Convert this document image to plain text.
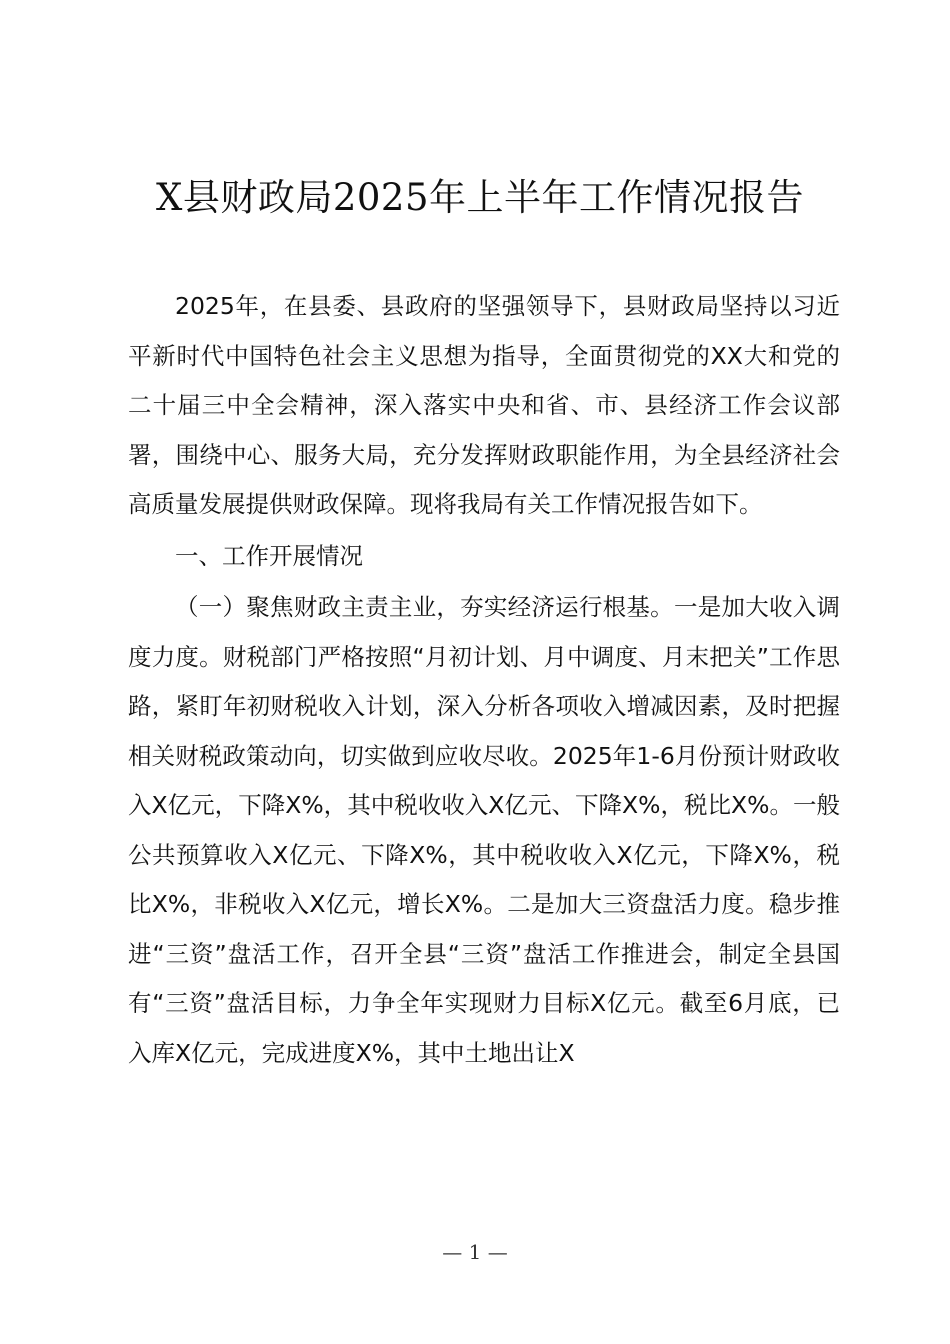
X县财政局2025年上半年工作情况报告

2025年，在县委、县政府的坚强领导下，县财政局坚持以习近平新时代中国特色社会主义思想为指导，全面贯彻党的XX大和党的二十届三中全会精神，深入落实中央和省、市、县经济工作会议部署，围绕中心、服务大局，充分发挥财政职能作用，为全县经济社会高质量发展提供财政保障。现将我局有关工作情况报告如下。

一、工作开展情况

（一）聚焦财政主责主业，夯实经济运行根基。一是加大收入调度力度。财税部门严格按照“月初计划、月中调度、月末把关”工作思路，紧盯年初财税收入计划，深入分析各项收入增减因素，及时把握相关财税政策动向，切实做到应收尽收。2025年1-6月份预计财政收入X亿元，下降X%，其中税收收入X亿元、下降X%，税比X%。一般公共预算收入X亿元、下降X%，其中税收收入X亿元，下降X%，税比X%，非税收入X亿元，增长X%。二是加大三资盘活力度。稳步推进“三资”盘活工作，召开全县“三资”盘活工作推进会，制定全县国有“三资”盘活目标，力争全年实现财力目标X亿元。截至6月底，已入库X亿元，完成进度X%，其中土地出让X

— 1 —
